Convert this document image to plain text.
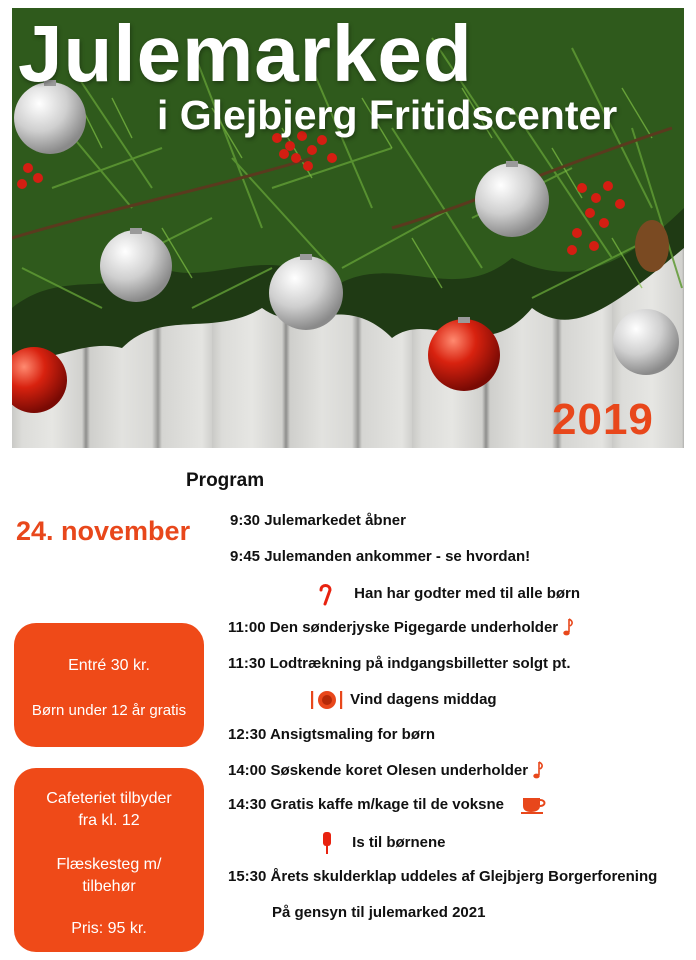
Julemarked
i Glejbjerg Fritidscenter
2019
Program
24. november

Entré 30 kr.

Børn under 12 år gratis

Cafeteriet tilbyder

fra kl. 12

Flæskesteg m/

tilbehør

Pris: 95 kr.

9:30 Julemarkedet åbner
9:45 Julemanden ankommer - se hvordan!
Han har godter med til alle børn
11:00 Den sønderjyske Pigegarde underholder
11:30 Lodtrækning på indgangsbilletter solgt pt.
Vind dagens middag
12:30 Ansigtsmaling for børn
14:00 Søskende koret Olesen underholder
14:30 Gratis kaffe m/kage til de voksne
Is til børnene
15:30 Årets skulderklap uddeles af Glejbjerg Borgerforening
På gensyn til julemarked 2021
